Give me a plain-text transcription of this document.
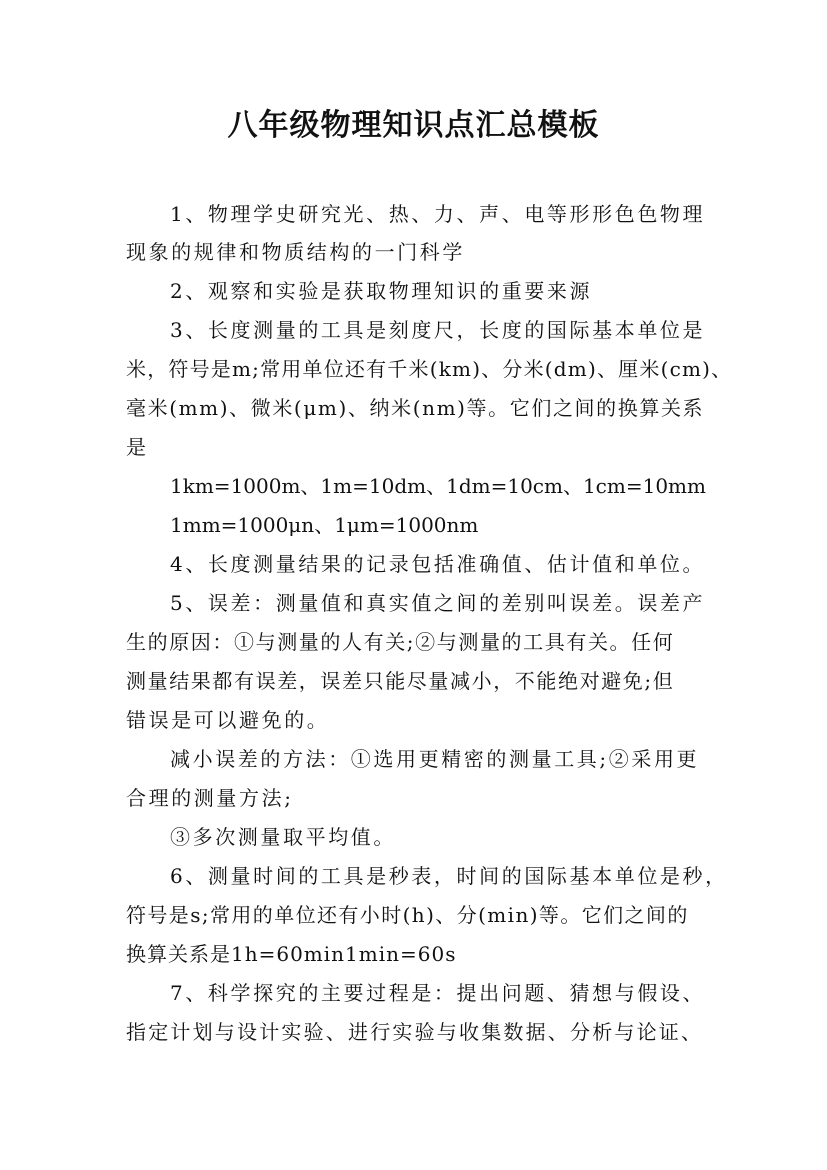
八年级物理知识点汇总模板
1、物理学史研究光、热、力、声、电等形形色色物理
现象的规律和物质结构的一门科学
2、观察和实验是获取物理知识的重要来源
3、长度测量的工具是刻度尺，长度的国际基本单位是
米，符号是m;常用单位还有千米(km)、分米(dm)、厘米(cm)、
毫米(mm)、微米(μm)、纳米(nm)等。它们之间的换算关系
是
1km=1000m、1m=10dm、1dm=10cm、1cm=10mm
1mm=1000μn、1μm=1000nm
4、长度测量结果的记录包括准确值、估计值和单位。
5、误差：测量值和真实值之间的差别叫误差。误差产
生的原因：①与测量的人有关;②与测量的工具有关。任何
测量结果都有误差，误差只能尽量减小，不能绝对避免;但
错误是可以避免的。
减小误差的方法：①选用更精密的测量工具;②采用更
合理的测量方法;
③多次测量取平均值。
6、测量时间的工具是秒表，时间的国际基本单位是秒，
符号是s;常用的单位还有小时(h)、分(min)等。它们之间的
换算关系是1h=60min1min=60s
7、科学探究的主要过程是：提出问题、猜想与假设、
指定计划与设计实验、进行实验与收集数据、分析与论证、
